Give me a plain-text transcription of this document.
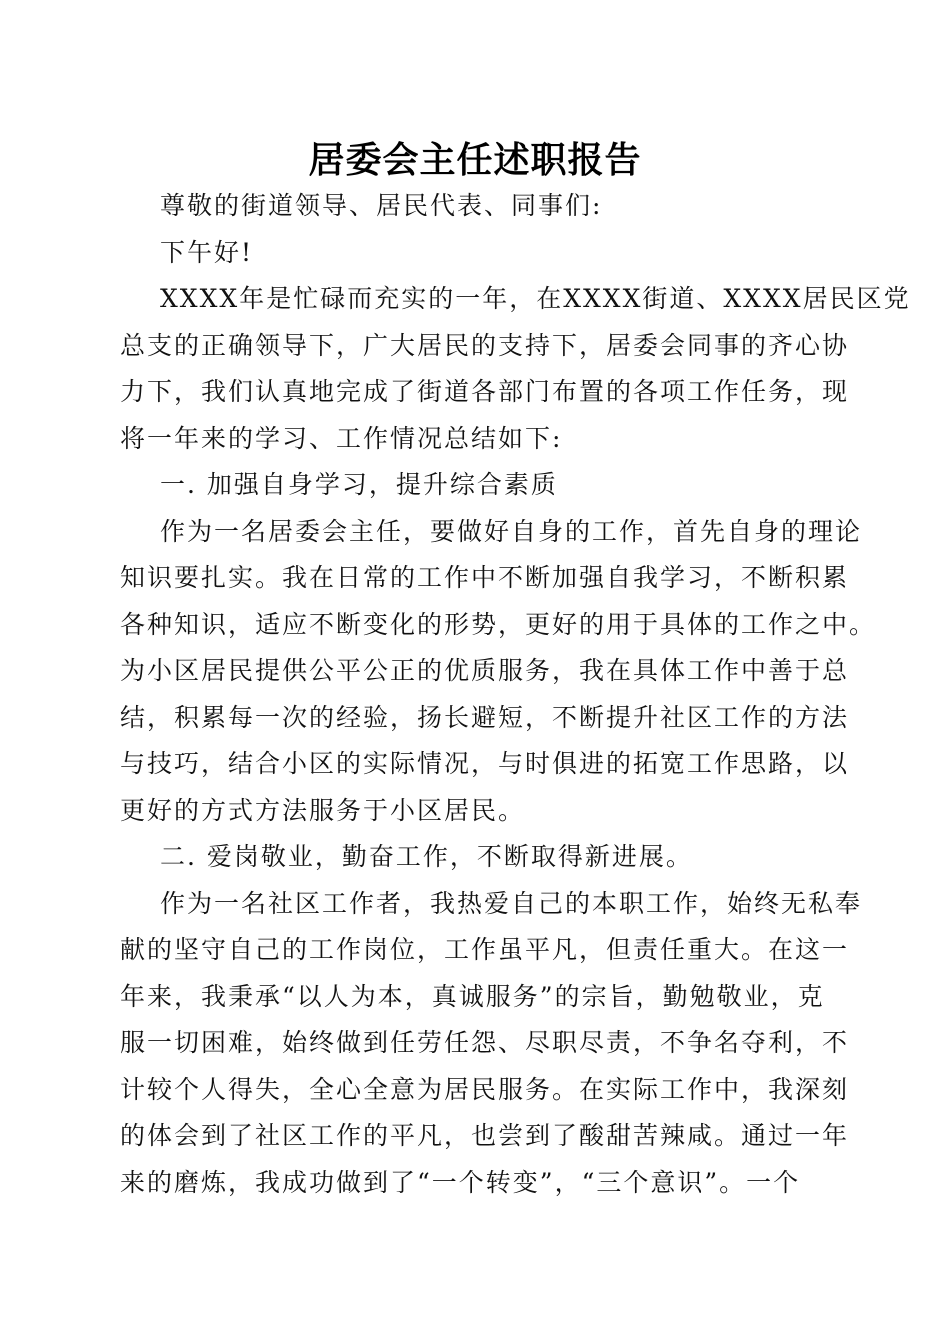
居委会主任述职报告
尊敬的街道领导、居民代表、同事们:
下午好!
XXXX年是忙碌而充实的一年，在XXXX街道、XXXX居民区党
总支的正确领导下，广大居民的支持下，居委会同事的齐心协
力下，我们认真地完成了街道各部门布置的各项工作任务，现
将一年来的学习、工作情况总结如下:
一. 加强自身学习，提升综合素质
作为一名居委会主任，要做好自身的工作，首先自身的理论
知识要扎实。我在日常的工作中不断加强自我学习，不断积累
各种知识，适应不断变化的形势，更好的用于具体的工作之中。
为小区居民提供公平公正的优质服务，我在具体工作中善于总
结，积累每一次的经验，扬长避短，不断提升社区工作的方法
与技巧，结合小区的实际情况，与时俱进的拓宽工作思路，以
更好的方式方法服务于小区居民。
二. 爱岗敬业，勤奋工作，不断取得新进展。
作为一名社区工作者，我热爱自己的本职工作，始终无私奉
献的坚守自己的工作岗位，工作虽平凡，但责任重大。在这一
年来，我秉承“以人为本，真诚服务”的宗旨，勤勉敬业，克
服一切困难，始终做到任劳任怨、尽职尽责，不争名夺利，不
计较个人得失，全心全意为居民服务。在实际工作中，我深刻
的体会到了社区工作的平凡，也尝到了酸甜苦辣咸。通过一年
来的磨炼，我成功做到了“一个转变”，“三个意识”。一个
